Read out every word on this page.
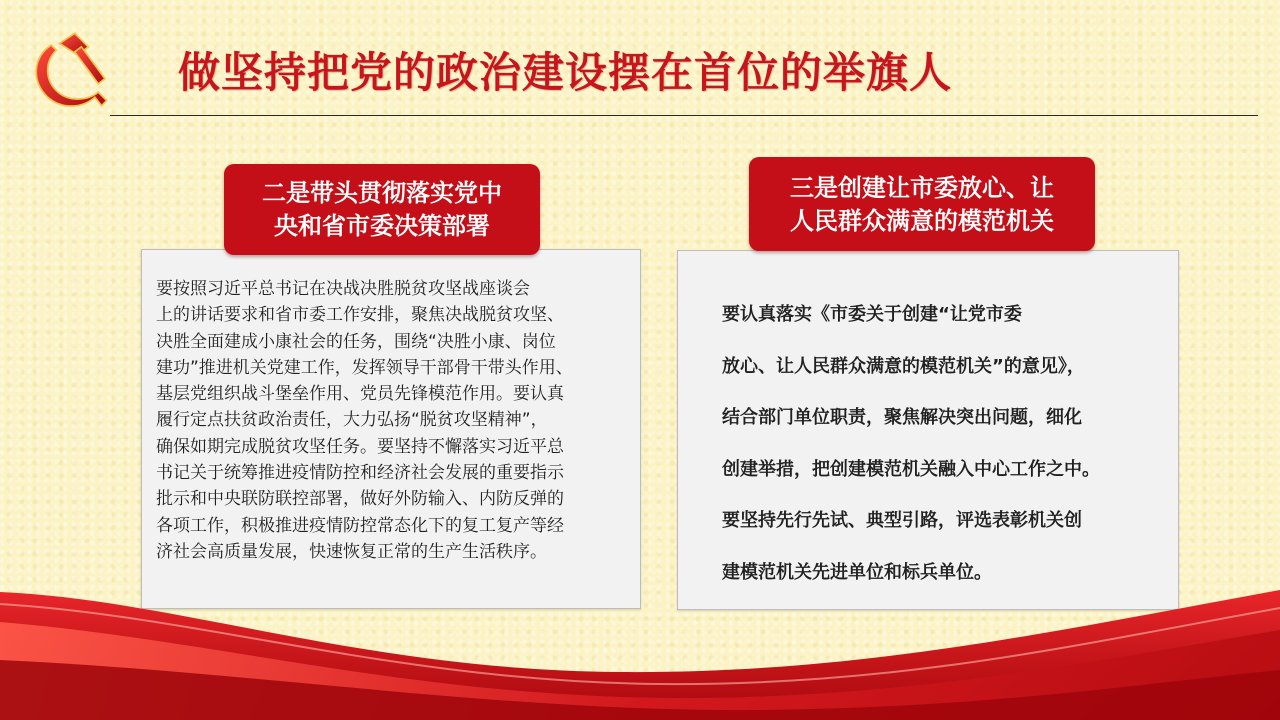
做坚持把党的政治建设摆在首位的举旗人
要按照习近平总书记在决战决胜脱贫攻坚战座谈会
上的讲话要求和省市委工作安排，聚焦决战脱贫攻坚、
决胜全面建成小康社会的任务，围绕“决胜小康、岗位
建功”推进机关党建工作，发挥领导干部骨干带头作用、
基层党组织战斗堡垒作用、党员先锋模范作用。要认真
履行定点扶贫政治责任，大力弘扬“脱贫攻坚精神”，
确保如期完成脱贫攻坚任务。要坚持不懈落实习近平总
书记关于统筹推进疫情防控和经济社会发展的重要指示
批示和中央联防联控部署，做好外防输入、内防反弹的
各项工作，积极推进疫情防控常态化下的复工复产等经
济社会高质量发展，快速恢复正常的生产生活秩序。
二是带头贯彻落实党中
央和省市委决策部署
要认真落实《市委关于创建“让党市委
放心、让人民群众满意的模范机关”的意见》，
结合部门单位职责，聚焦解决突出问题，细化
创建举措，把创建模范机关融入中心工作之中。
要坚持先行先试、典型引路，评选表彰机关创
建模范机关先进单位和标兵单位。
三是创建让市委放心、让
人民群众满意的模范机关
